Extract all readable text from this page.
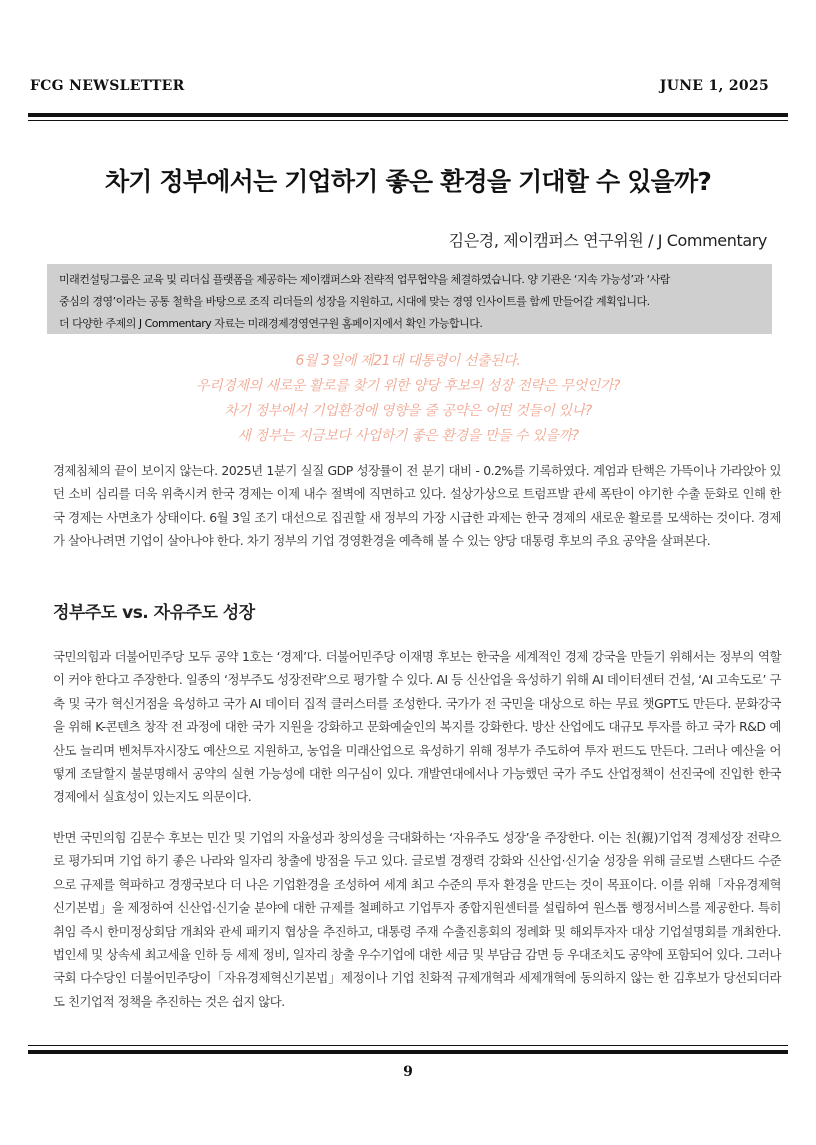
FCG NEWSLETTER	JUNE 1, 2025
차기 정부에서는 기업하기 좋은 환경을 기대할 수 있을까?
김은경, 제이캠퍼스 연구위원 / J Commentary

미래컨설팅그룹은 교육 및 리더십 플랫폼을 제공하는 제이캠퍼스와 전략적 업무협약을 체결하였습니다. 양 기관은 ‘지속 가능성’과 ‘사람

중심의 경영’이라는 공통 철학을 바탕으로 조직 리더들의 성장을 지원하고, 시대에 맞는 경영 인사이트를 함께 만들어갈 계획입니다.

더 다양한 주제의 J Commentary 자료는 미래경제경영연구원 홈페이지에서 확인 가능합니다.

6월 3일에 제21대 대통령이 선출된다.

우리경제의 새로운 활로를 찾기 위한 양당 후보의 성장 전략은 무엇인가?

차기 정부에서 기업환경에 영향을 줄 공약은 어떤 것들이 있나?

새 정부는 지금보다 사업하기 좋은 환경을 만들 수 있을까?

경제침체의 끝이 보이지 않는다. 2025년 1분기 실질 GDP 성장률이 전 분기 대비 - 0.2%를 기록하였다. 계엄과 탄핵은 가뜩이나 가라앉아 있던 소비 심리를 더욱 위축시켜 한국 경제는 이제 내수 절벽에 직면하고 있다. 설상가상으로 트럼프발 관세 폭탄이 야기한 수출 둔화로 인해 한국 경제는 사면초가 상태이다. 6월 3일 조기 대선으로 집권할 새 정부의 가장 시급한 과제는 한국 경제의 새로운 활로를 모색하는 것이다. 경제가 살아나려면 기업이 살아나야 한다. 차기 정부의 기업 경영환경을 예측해 볼 수 있는 양당 대통령 후보의 주요 공약을 살펴본다.

정부주도 vs. 자유주도 성장

국민의힘과 더불어민주당 모두 공약 1호는 ‘경제’다. 더불어민주당 이재명 후보는 한국을 세계적인 경제 강국을 만들기 위해서는 정부의 역할이 커야 한다고 주장한다. 일종의 ‘정부주도 성장전략’으로 평가할 수 있다. AI 등 신산업을 육성하기 위해 AI 데이터센터 건설, ‘AI 고속도로’ 구축 및 국가 혁신거점을 육성하고 국가 AI 데이터 집적 클러스터를 조성한다. 국가가 전 국민을 대상으로 하는 무료 챗GPT도 만든다. 문화강국을 위해 K-콘텐츠 창작 전 과정에 대한 국가 지원을 강화하고 문화예술인의 복지를 강화한다. 방산 산업에도 대규모 투자를 하고 국가 R&D 예산도 늘리며 벤처투자시장도 예산으로 지원하고, 농업을 미래산업으로 육성하기 위해 정부가 주도하여 투자 펀드도 만든다. 그러나 예산을 어떻게 조달할지 불분명해서 공약의 실현 가능성에 대한 의구심이 있다. 개발연대에서나 가능했던 국가 주도 산업정책이 선진국에 진입한 한국 경제에서 실효성이 있는지도 의문이다.

반면 국민의힘 김문수 후보는 민간 및 기업의 자율성과 창의성을 극대화하는 ‘자유주도 성장’을 주장한다. 이는 친(親)기업적 경제성장 전략으로 평가되며 기업 하기 좋은 나라와 일자리 창출에 방점을 두고 있다. 글로벌 경쟁력 강화와 신산업·신기술 성장을 위해 글로벌 스탠다드 수준으로 규제를 혁파하고 경쟁국보다 더 나은 기업환경을 조성하여 세계 최고 수준의 투자 환경을 만드는 것이 목표이다. 이를 위해「자유경제혁신기본법」을 제정하여 신산업·신기술 분야에 대한 규제를 철폐하고 기업투자 종합지원센터를 설립하여 원스톱 행정서비스를 제공한다. 특히 취임 즉시 한미정상회담 개최와 관세 패키지 협상을 추진하고, 대통령 주재 수출진흥회의 정례화 및 해외투자자 대상 기업설명회를 개최한다. 법인세 및 상속세 최고세율 인하 등 세제 정비, 일자리 창출 우수기업에 대한 세금 및 부담금 감면 등 우대조치도 공약에 포함되어 있다. 그러나 국회 다수당인 더불어민주당이「자유경제혁신기본법」제정이나 기업 친화적 규제개혁과 세제개혁에 동의하지 않는 한 김후보가 당선되더라도 친기업적 정책을 추진하는 것은 쉽지 않다.

9
